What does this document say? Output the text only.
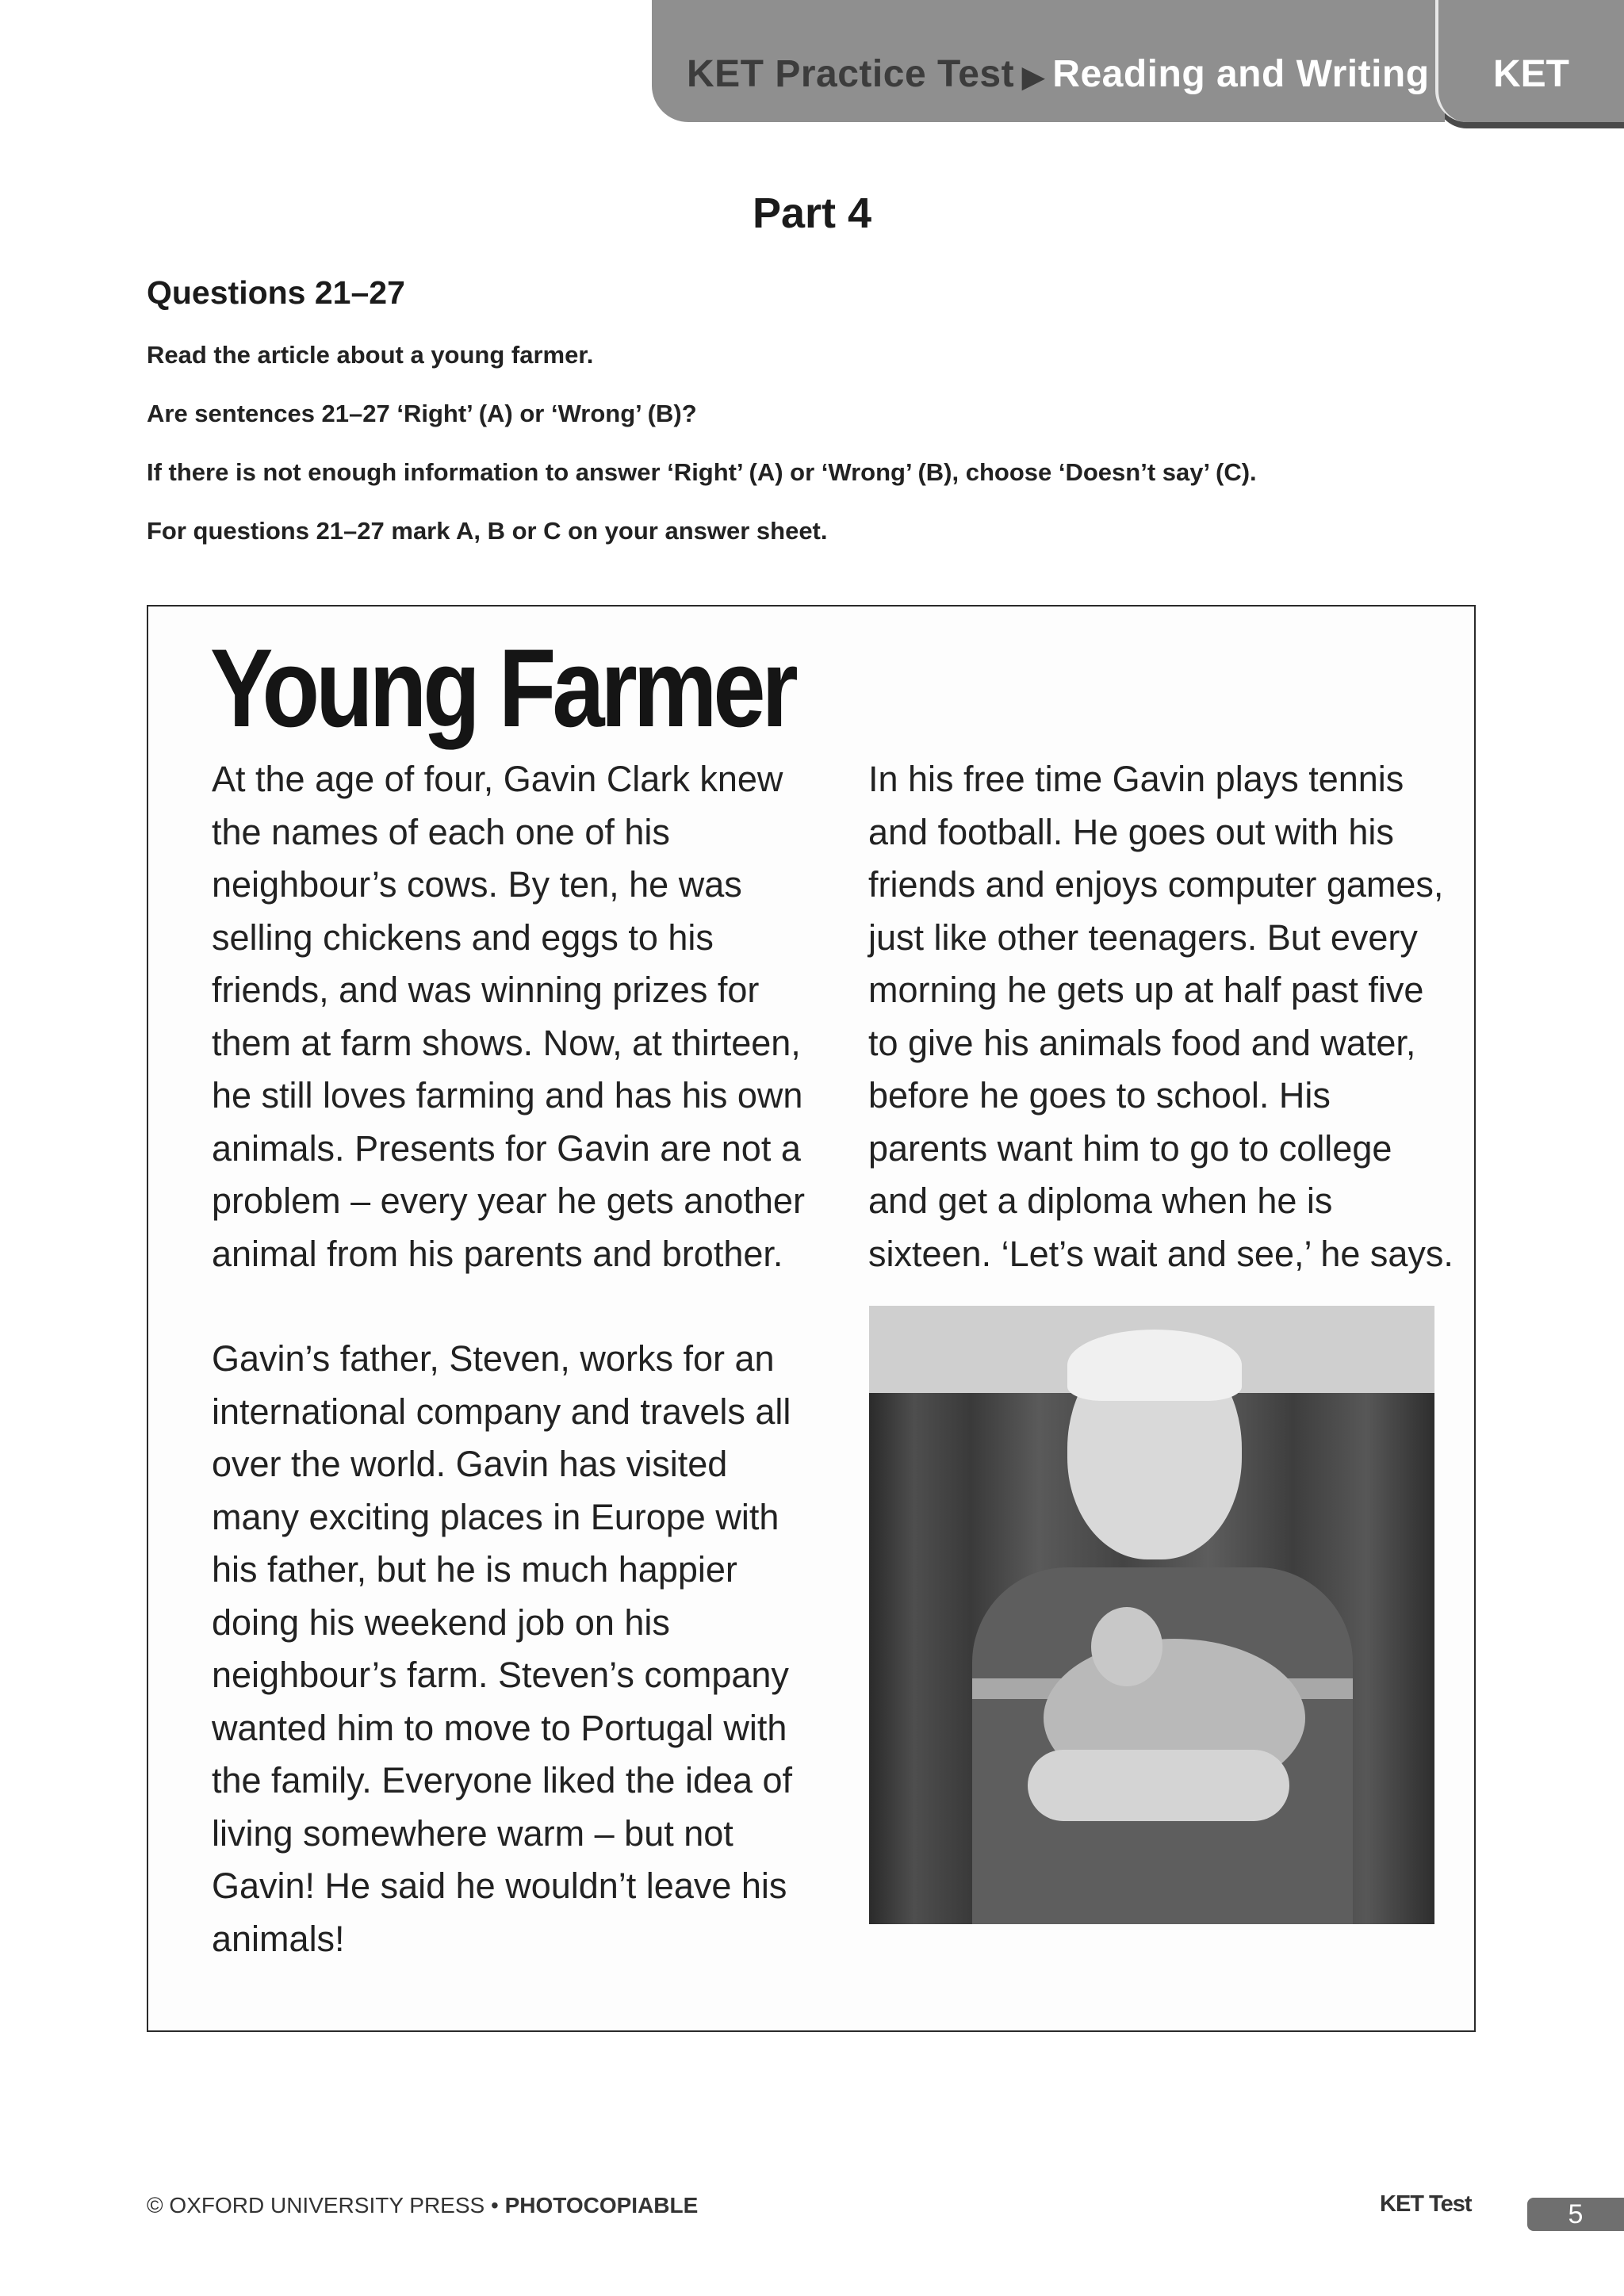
KET Practice Test ▶ Reading and Writing	KET
Part 4
Questions 21–27
Read the article about a young farmer.
Are sentences 21–27 ‘Right’ (A) or ‘Wrong’ (B)?
If there is not enough information to answer ‘Right’ (A) or ‘Wrong’ (B), choose ‘Doesn’t say’ (C).
For questions 21–27 mark A, B or C on your answer sheet.
Young Farmer

At the age of four, Gavin Clark knew the names of each one of his neighbour’s cows. By ten, he was selling chickens and eggs to his friends, and was winning prizes for them at farm shows. Now, at thirteen, he still loves farming and has his own animals. Presents for Gavin are not a problem – every year he gets another animal from his parents and brother.

Gavin’s father, Steven, works for an international company and travels all over the world. Gavin has visited many exciting places in Europe with his father, but he is much happier doing his weekend job on his neighbour’s farm. Steven’s company wanted him to move to Portugal with the family. Everyone liked the idea of living somewhere warm – but not Gavin! He said he wouldn’t leave his animals!

In his free time Gavin plays tennis and football. He goes out with his friends and enjoys computer games, just like other teenagers. But every morning he gets up at half past five to give his animals food and water, before he goes to school. His parents want him to go to college and get a diploma when he is sixteen. ‘Let’s wait and see,’ he says.

© OXFORD UNIVERSITY PRESS • PHOTOCOPIABLE	KET Test	5
